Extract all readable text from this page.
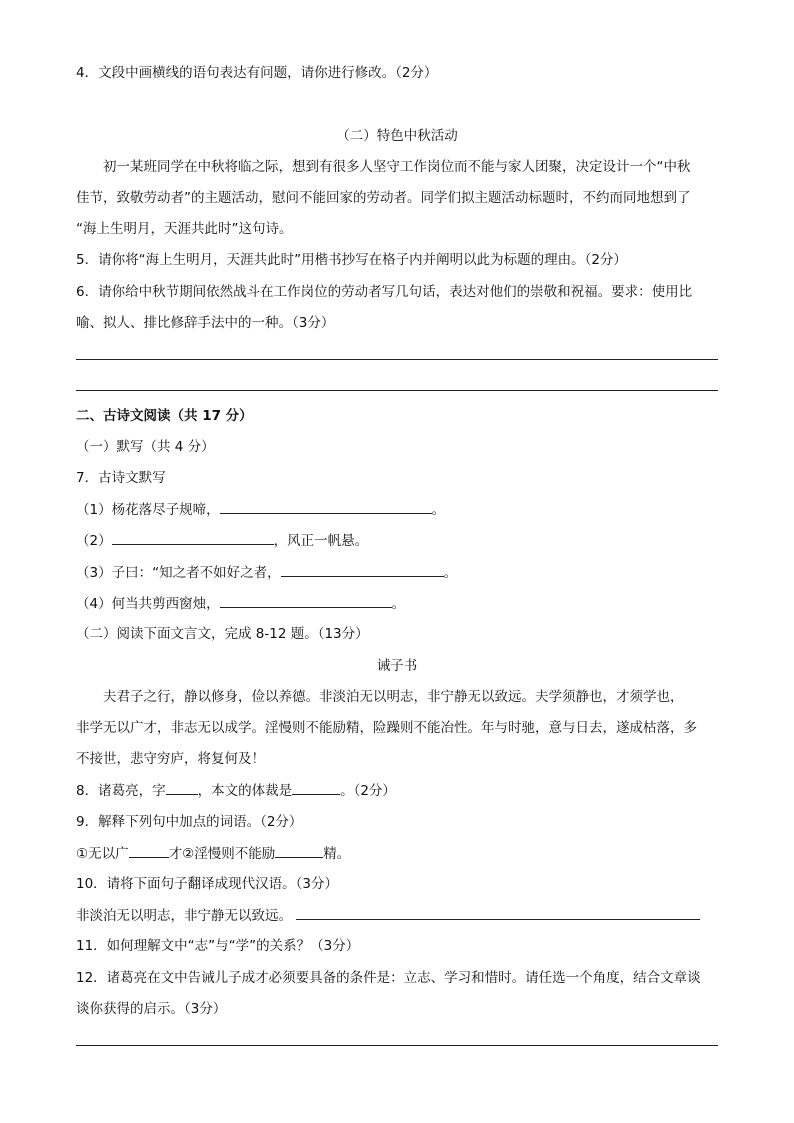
4．文段中画横线的语句表达有问题，请你进行修改。（2分）
（二）特色中秋活动
初一某班同学在中秋将临之际，想到有很多人坚守工作岗位而不能与家人团聚，决定设计一个“中秋
佳节，致敬劳动者”的主题活动，慰问不能回家的劳动者。同学们拟主题活动标题时，不约而同地想到了
“海上生明月，天涯共此时”这句诗。
5．请你将“海上生明月，天涯共此时”用楷书抄写在格子内并阐明以此为标题的理由。（2分）
6．请你给中秋节期间依然战斗在工作岗位的劳动者写几句话，表达对他们的崇敬和祝福。要求：使用比
喻、拟人、排比修辞手法中的一种。（3分）
二、古诗文阅读（共 17 分）
（一）默写（共 4 分）
7．古诗文默写
（1）杨花落尽子规啼，	。
（2）	，风正一帆悬。
（3）子曰：“知之者不如好之者，	。
（4）何当共剪西窗烛，	。
（二）阅读下面文言文，完成 8-12 题。（13分）
诫子书
夫君子之行，静以修身，俭以养德。非淡泊无以明志，非宁静无以致远。夫学须静也，才须学也，
非学无以广才，非志无以成学。淫慢则不能励精，险躁则不能冶性。年与时驰，意与日去，遂成枯落，多
不接世，悲守穷庐，将复何及！
8．诸葛亮，字 ，本文的体裁是	。（2分）
9．解释下列句中加点的词语。（2分）
①无以广	才②淫慢则不能励	精。
10．请将下面句子翻译成现代汉语。（3分）
非淡泊无以明志，非宁静无以致远。
11．如何理解文中“志”与“学”的关系？（3分）
12．诸葛亮在文中告诫儿子成才必须要具备的条件是：立志、学习和惜时。请任选一个角度，结合文章谈
谈你获得的启示。（3分）
